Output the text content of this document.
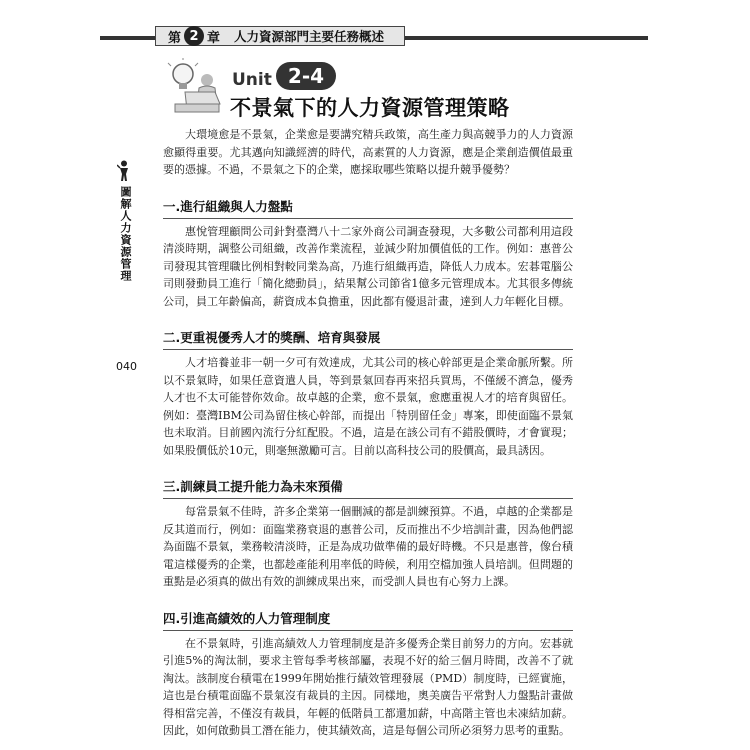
第 2 章 人力資源部門主要任務概述
Unit 2-4
不景氣下的人力資源管理策略
圖解人力資源管理
040

大環境愈是不景氣，企業愈是要講究精兵政策，高生產力與高競爭力的人力資源愈顯得重要。尤其邁向知識經濟的時代，高素質的人力資源，應是企業創造價值最重要的憑據。不過，不景氣之下的企業，應採取哪些策略以提升競爭優勢？

一.進行組織與人力盤點

惠悅管理顧問公司針對臺灣八十二家外商公司調查發現，大多數公司都利用這段清淡時期，調整公司組織，改善作業流程，並減少附加價值低的工作。例如：惠普公司發現其管理職比例相對較同業為高，乃進行組織再造，降低人力成本。宏碁電腦公司則發動員工進行「簡化總動員」，結果幫公司節省1億多元管理成本。尤其很多傳統公司，員工年齡偏高，薪資成本負擔重，因此都有優退計畫，達到人力年輕化目標。

二.更重視優秀人才的獎酬、培育與發展

人才培養並非一朝一夕可有效達成，尤其公司的核心幹部更是企業命脈所繫。所以不景氣時，如果任意資遣人員，等到景氣回春再來招兵買馬，不僅緩不濟急，優秀人才也不太可能替你效命。故卓越的企業，愈不景氣，愈應重視人才的培育與留任。例如：臺灣IBM公司為留住核心幹部，而提出「特別留任金」專案，即使面臨不景氣也未取消。目前國內流行分紅配股。不過，這是在該公司有不錯股價時，才會實現；如果股價低於10元，則毫無激勵可言。目前以高科技公司的股價高，最具誘因。

三.訓練員工提升能力為未來預備

每當景氣不佳時，許多企業第一個刪減的都是訓練預算。不過，卓越的企業都是反其道而行，例如：面臨業務衰退的惠普公司，反而推出不少培訓計畫，因為他們認為面臨不景氣，業務較清淡時，正是為成功做準備的最好時機。不只是惠普，像台積電這樣優秀的企業，也都趁產能利用率低的時候，利用空檔加強人員培訓。但問題的重點是必須真的做出有效的訓練成果出來，而受訓人員也有心努力上課。

四.引進高績效的人力管理制度

在不景氣時，引進高績效人力管理制度是許多優秀企業目前努力的方向。宏碁就引進5%的淘汰制，要求主管每季考核部屬，表現不好的給三個月時間，改善不了就淘汰。該制度台積電在1999年開始推行績效管理發展（PMD）制度時，已經實施，這也是台積電面臨不景氣沒有裁員的主因。同樣地，奧美廣告平常對人力盤點計畫做得相當完善，不僅沒有裁員，年輕的低階員工都還加薪，中高階主管也未凍結加薪。因此，如何啟動員工潛在能力，使其績效高，這是每個公司所必須努力思考的重點。
